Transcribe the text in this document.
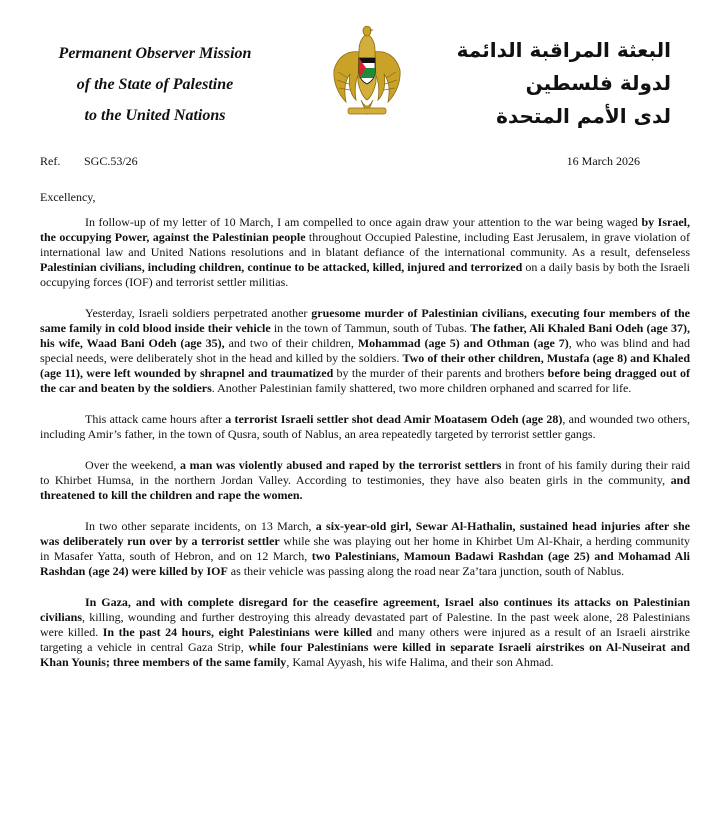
Permanent Observer Mission
of the State of Palestine
to the United Nations
البعثة المراقبة الدائمة
لدولة فلسطين
لدى الأمم المتحدة
Ref. SGC.53/26	16 March 2026
Excellency,

In follow-up of my letter of 10 March, I am compelled to once again draw your attention to the war being waged by Israel, the occupying Power, against the Palestinian people throughout Occupied Palestine, including East Jerusalem, in grave violation of international law and United Nations resolutions and in blatant defiance of the international community. As a result, defenseless Palestinian civilians, including children, continue to be attacked, killed, injured and terrorized on a daily basis by both the Israeli occupying forces (IOF) and terrorist settler militias.

Yesterday, Israeli soldiers perpetrated another gruesome murder of Palestinian civilians, executing four members of the same family in cold blood inside their vehicle in the town of Tammun, south of Tubas. The father, Ali Khaled Bani Odeh (age 37), his wife, Waad Bani Odeh (age 35), and two of their children, Mohammad (age 5) and Othman (age 7), who was blind and had special needs, were deliberately shot in the head and killed by the soldiers. Two of their other children, Mustafa (age 8) and Khaled (age 11), were left wounded by shrapnel and traumatized by the murder of their parents and brothers before being dragged out of the car and beaten by the soldiers. Another Palestinian family shattered, two more children orphaned and scarred for life.

This attack came hours after a terrorist Israeli settler shot dead Amir Moatasem Odeh (age 28), and wounded two others, including Amir’s father, in the town of Qusra, south of Nablus, an area repeatedly targeted by terrorist settler gangs.

Over the weekend, a man was violently abused and raped by the terrorist settlers in front of his family during their raid to Khirbet Humsa, in the northern Jordan Valley. According to testimonies, they have also beaten girls in the community, and threatened to kill the children and rape the women.

In two other separate incidents, on 13 March, a six-year-old girl, Sewar Al-Hathalin, sustained head injuries after she was deliberately run over by a terrorist settler while she was playing out her home in Khirbet Um Al-Khair, a herding community in Masafer Yatta, south of Hebron, and on 12 March, two Palestinians, Mamoun Badawi Rashdan (age 25) and Mohamad Ali Rashdan (age 24) were killed by IOF as their vehicle was passing along the road near Za’tara junction, south of Nablus.

In Gaza, and with complete disregard for the ceasefire agreement, Israel also continues its attacks on Palestinian civilians, killing, wounding and further destroying this already devastated part of Palestine. In the past week alone, 28 Palestinians were killed. In the past 24 hours, eight Palestinians were killed and many others were injured as a result of an Israeli airstrike targeting a vehicle in central Gaza Strip, while four Palestinians were killed in separate Israeli airstrikes on Al-Nuseirat and Khan Younis; three members of the same family, Kamal Ayyash, his wife Halima, and their son Ahmad.
